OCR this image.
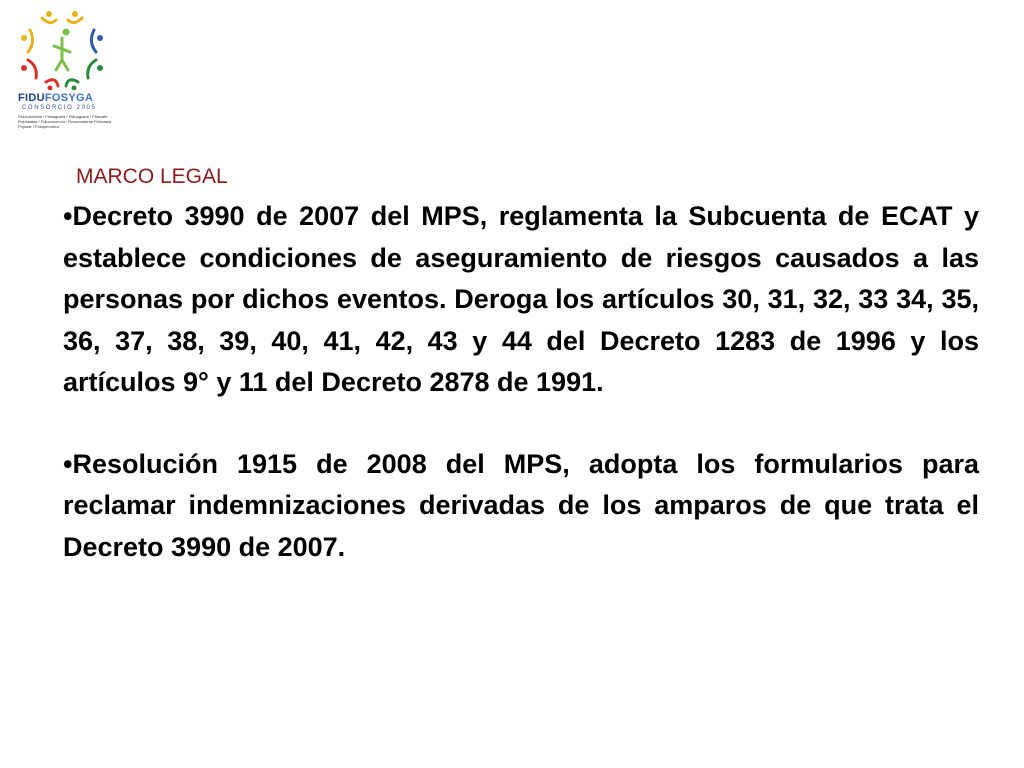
FIDUFOSYGA
CONSORCIO 2005
Fiducolombia / Fiduagraria / Fiduagrario / Fiducafe Fiducaldas / Fiducomercio / Fiduoccidente Fiduciaria Popular / Fidupetrolera
MARCO LEGAL

•Decreto 3990 de 2007 del MPS, reglamenta la Subcuenta de ECAT y establece condiciones de aseguramiento de riesgos causados a las personas por dichos eventos. Deroga los artículos 30, 31, 32, 33 34, 35, 36, 37, 38, 39, 40, 41, 42, 43 y 44 del Decreto 1283 de 1996 y los artículos 9° y 11 del Decreto 2878 de 1991.

•Resolución 1915 de 2008 del MPS, adopta los formularios para reclamar indemnizaciones derivadas de los amparos de que trata el Decreto 3990 de 2007.
